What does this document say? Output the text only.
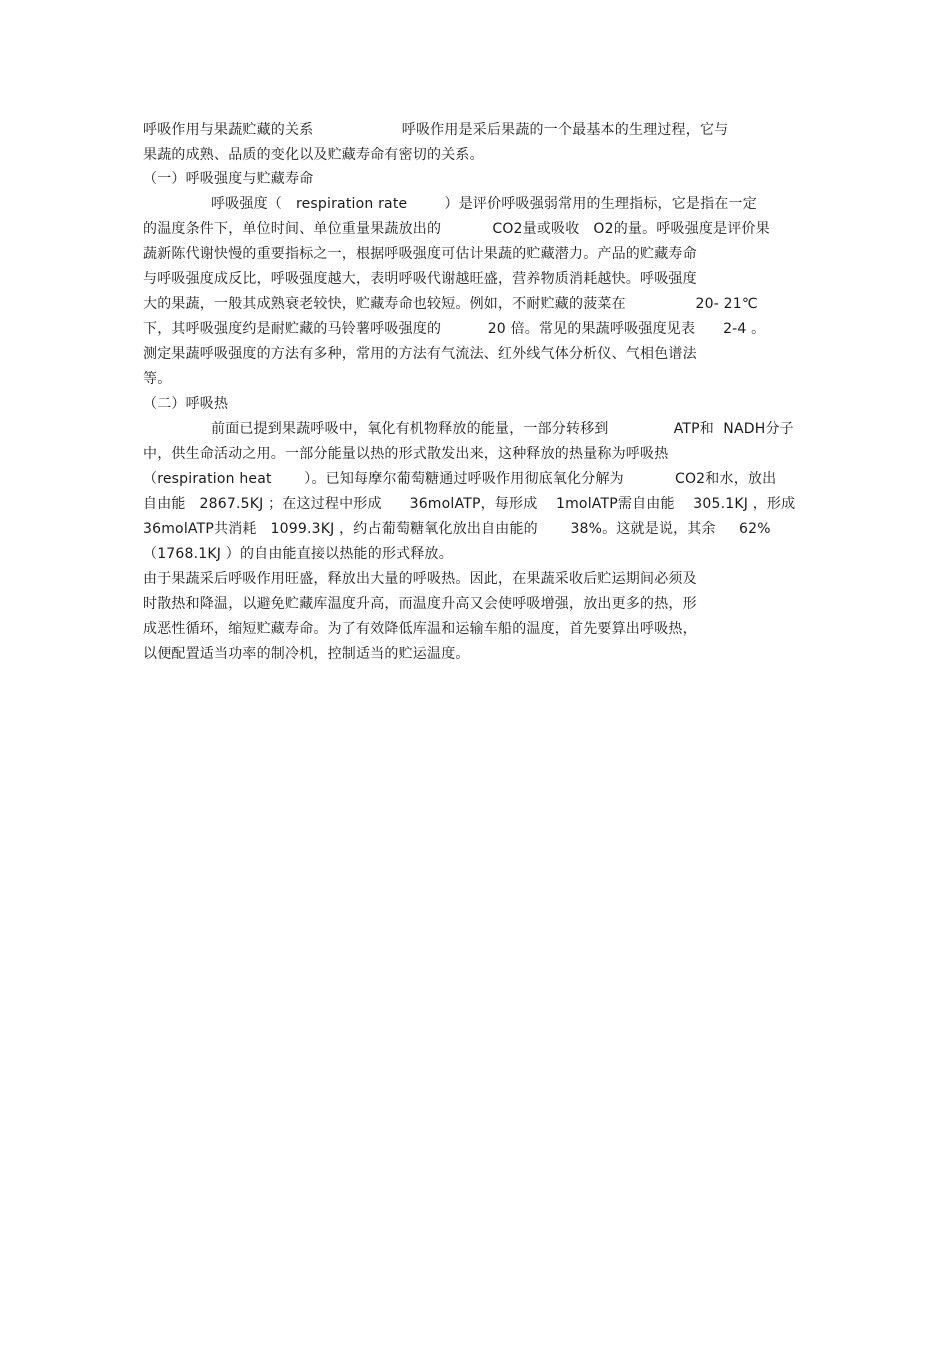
呼吸作用与果蔬贮藏的关系                   呼吸作用是采后果蔬的一个最基本的生理过程，它与
果蔬的成熟、品质的变化以及贮藏寿命有密切的关系。
（一）呼吸强度与贮藏寿命
呼吸强度（   respiration rate        ）是评价呼吸强弱常用的生理指标，它是指在一定
的温度条件下，单位时间、单位重量果蔬放出的           CO2量或吸收   O2的量。呼吸强度是评价果
蔬新陈代谢快慢的重要指标之一，根据呼吸强度可估计果蔬的贮藏潜力。产品的贮藏寿命
与呼吸强度成反比，呼吸强度越大，表明呼吸代谢越旺盛，营养物质消耗越快。呼吸强度
大的果蔬，一般其成熟衰老较快，贮藏寿命也较短。例如，不耐贮藏的菠菜在               20- 21℃
下，其呼吸强度约是耐贮藏的马铃薯呼吸强度的          20 倍。常见的果蔬呼吸强度见表      2-4 。
测定果蔬呼吸强度的方法有多种，常用的方法有气流法、红外线气体分析仪、气相色谱法
等。
（二）呼吸热
前面已提到果蔬呼吸中，氧化有机物释放的能量，一部分转移到              ATP和  NADH分子
中，供生命活动之用。一部分能量以热的形式散发出来，这种释放的热量称为呼吸热
（respiration heat       ）。已知每摩尔葡萄糖通过呼吸作用彻底氧化分解为           CO2和水，放出
自由能   2867.5KJ ；在这过程中形成      36molATP，每形成    1molATP需自由能    305.1KJ ，形成
36molATP共消耗   1099.3KJ ，约占葡萄糖氧化放出自由能的       38%。这就是说，其余     62%
（1768.1KJ ）的自由能直接以热能的形式释放。
由于果蔬采后呼吸作用旺盛，释放出大量的呼吸热。因此，在果蔬采收后贮运期间必须及
时散热和降温，以避免贮藏库温度升高，而温度升高又会使呼吸增强，放出更多的热，形
成恶性循环，缩短贮藏寿命。为了有效降低库温和运输车船的温度，首先要算出呼吸热，
以便配置适当功率的制冷机，控制适当的贮运温度。
